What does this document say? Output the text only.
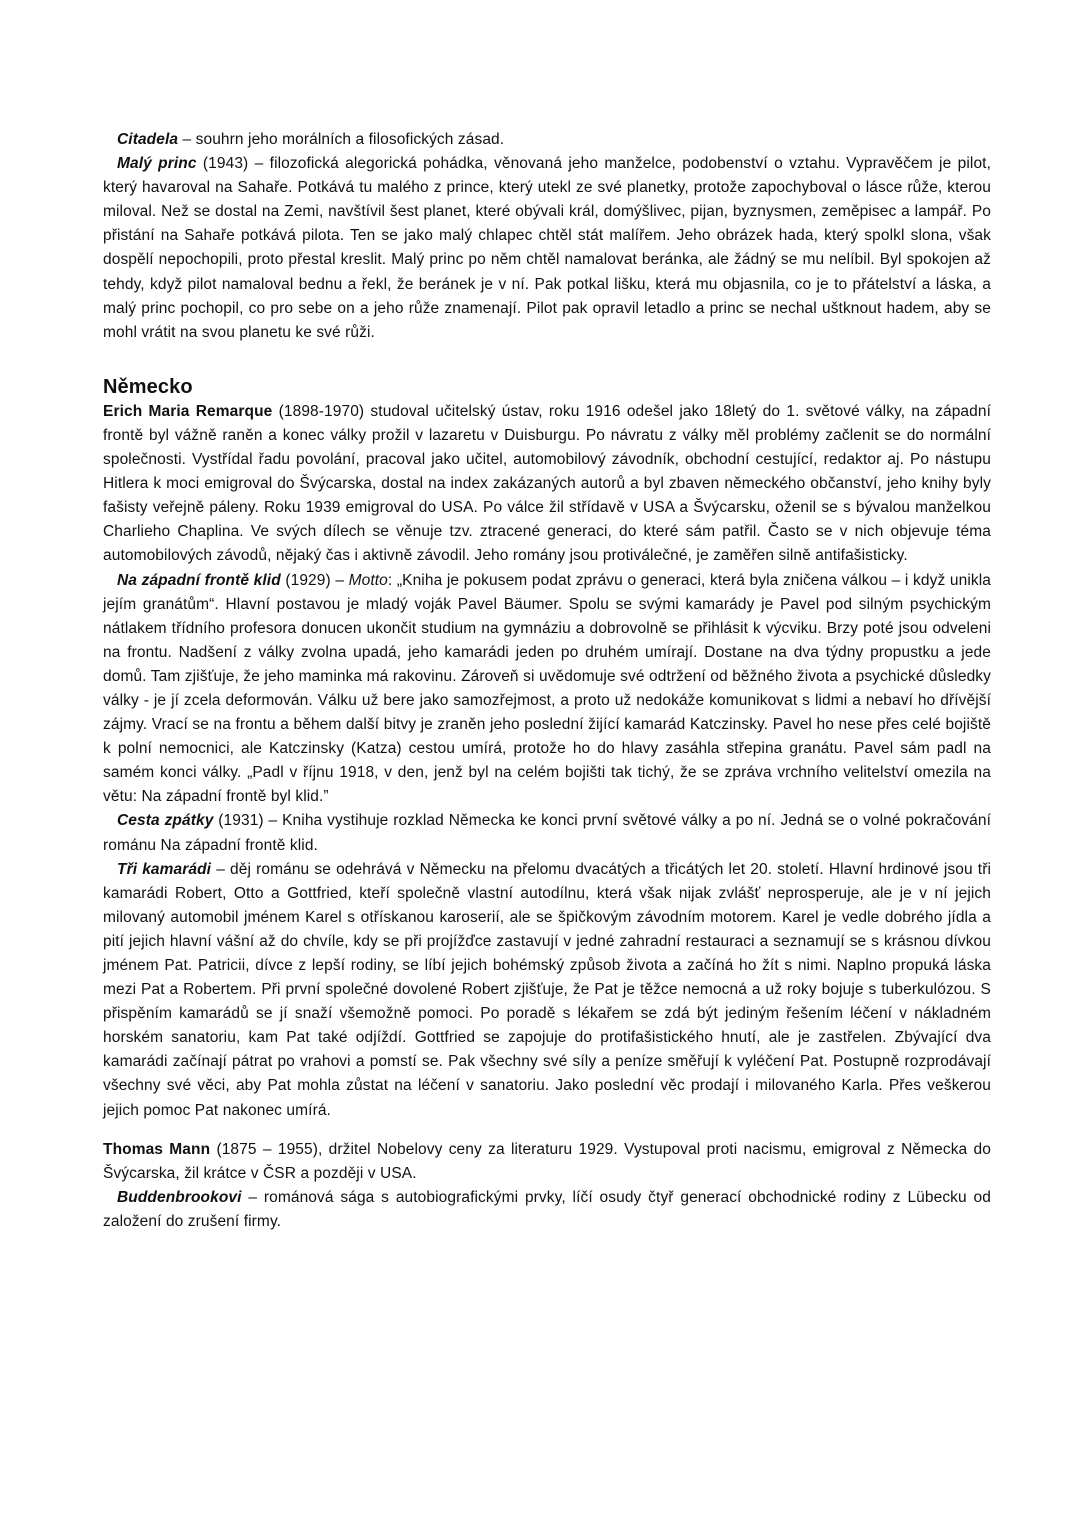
Citadela – souhrn jeho morálních a filosofických zásad.

Malý princ (1943) – filozofická alegorická pohádka, věnovaná jeho manželce, podobenství o vztahu. Vypravěčem je pilot, který havaroval na Sahaře. Potkává tu malého z prince, který utekl ze své planetky, protože zapochyboval o lásce růže, kterou miloval. Než se dostal na Zemi, navštívil šest planet, které obývali král, domýšlivec, pijan, byznysmen, zeměpisec a lampář. Po přistání na Sahaře potkává pilota. Ten se jako malý chlapec chtěl stát malířem. Jeho obrázek hada, který spolkl slona, však dospělí nepochopili, proto přestal kreslit. Malý princ po něm chtěl namalovat beránka, ale žádný se mu nelíbil. Byl spokojen až tehdy, když pilot namaloval bednu a řekl, že beránek je v ní. Pak potkal lišku, která mu objasnila, co je to přátelství a láska, a malý princ pochopil, co pro sebe on a jeho růže znamenají. Pilot pak opravil letadlo a princ se nechal uštknout hadem, aby se mohl vrátit na svou planetu ke své růži.

Německo

Erich Maria Remarque (1898-1970) studoval učitelský ústav, roku 1916 odešel jako 18letý do 1. světové války, na západní frontě byl vážně raněn a konec války prožil v lazaretu v Duisburgu. Po návratu z války měl problémy začlenit se do normální společnosti. Vystřídal řadu povolání, pracoval jako učitel, automobilový závodník, obchodní cestující, redaktor aj. Po nástupu Hitlera k moci emigroval do Švýcarska, dostal na index zakázaných autorů a byl zbaven německého občanství, jeho knihy byly fašisty veřejně páleny. Roku 1939 emigroval do USA. Po válce žil střídavě v USA a Švýcarsku, oženil se s bývalou manželkou Charlieho Chaplina. Ve svých dílech se věnuje tzv. ztracené generaci, do které sám patřil. Často se v nich objevuje téma automobilových závodů, nějaký čas i aktivně závodil. Jeho romány jsou protiválečné, je zaměřen silně antifašisticky.

Na západní frontě klid (1929) – Motto: „Kniha je pokusem podat zprávu o generaci, která byla zničena válkou – i když unikla jejím granátům“. Hlavní postavou je mladý voják Pavel Bäumer. Spolu se svými kamarády je Pavel pod silným psychickým nátlakem třídního profesora donucen ukončit studium na gymnáziu a dobrovolně se přihlásit k výcviku. Brzy poté jsou odveleni na frontu. Nadšení z války zvolna upadá, jeho kamarádi jeden po druhém umírají. Dostane na dva týdny propustku a jede domů. Tam zjišťuje, že jeho maminka má rakovinu. Zároveň si uvědomuje své odtržení od běžného života a psychické důsledky války - je jí zcela deformován. Válku už bere jako samozřejmost, a proto už nedokáže komunikovat s lidmi a nebaví ho dřívější zájmy. Vrací se na frontu a během další bitvy je zraněn jeho poslední žijící kamarád Katczinsky. Pavel ho nese přes celé bojiště k polní nemocnici, ale Katczinsky (Katza) cestou umírá, protože ho do hlavy zasáhla střepina granátu. Pavel sám padl na samém konci války. „Padl v říjnu 1918, v den, jenž byl na celém bojišti tak tichý, že se zpráva vrchního velitelství omezila na větu: Na západní frontě byl klid.”

Cesta zpátky (1931) – Kniha vystihuje rozklad Německa ke konci první světové války a po ní. Jedná se o volné pokračování románu Na západní frontě klid.

Tři kamarádi – děj románu se odehrává v Německu na přelomu dvacátých a třicátých let 20. století. Hlavní hrdinové jsou tři kamarádi Robert, Otto a Gottfried, kteří společně vlastní autodílnu, která však nijak zvlášť neprosperuje, ale je v ní jejich milovaný automobil jménem Karel s otřískanou karoserií, ale se špičkovým závodním motorem. Karel je vedle dobrého jídla a pití jejich hlavní vášní až do chvíle, kdy se při projížďce zastavují v jedné zahradní restauraci a seznamují se s krásnou dívkou jménem Pat. Patricii, dívce z lepší rodiny, se líbí jejich bohémský způsob života a začíná ho žít s nimi. Naplno propuká láska mezi Pat a Robertem. Při první společné dovolené Robert zjišťuje, že Pat je těžce nemocná a už roky bojuje s tuberkulózou. S přispěním kamarádů se jí snaží všemožně pomoci. Po poradě s lékařem se zdá být jediným řešením léčení v nákladném horském sanatoriu, kam Pat také odjíždí. Gottfried se zapojuje do protifašistického hnutí, ale je zastřelen. Zbývající dva kamarádi začínají pátrat po vrahovi a pomstí se. Pak všechny své síly a peníze směřují k vyléčení Pat. Postupně rozprodávají všechny své věci, aby Pat mohla zůstat na léčení v sanatoriu. Jako poslední věc prodají i milovaného Karla. Přes veškerou jejich pomoc Pat nakonec umírá.

Thomas Mann (1875 – 1955), držitel Nobelovy ceny za literaturu 1929. Vystupoval proti nacismu, emigroval z Německa do Švýcarska, žil krátce v ČSR a později v USA.

Buddenbrookovi – románová sága s autobiografickými prvky, líčí osudy čtyř generací obchodnické rodiny z Lübecku od založení do zrušení firmy.
